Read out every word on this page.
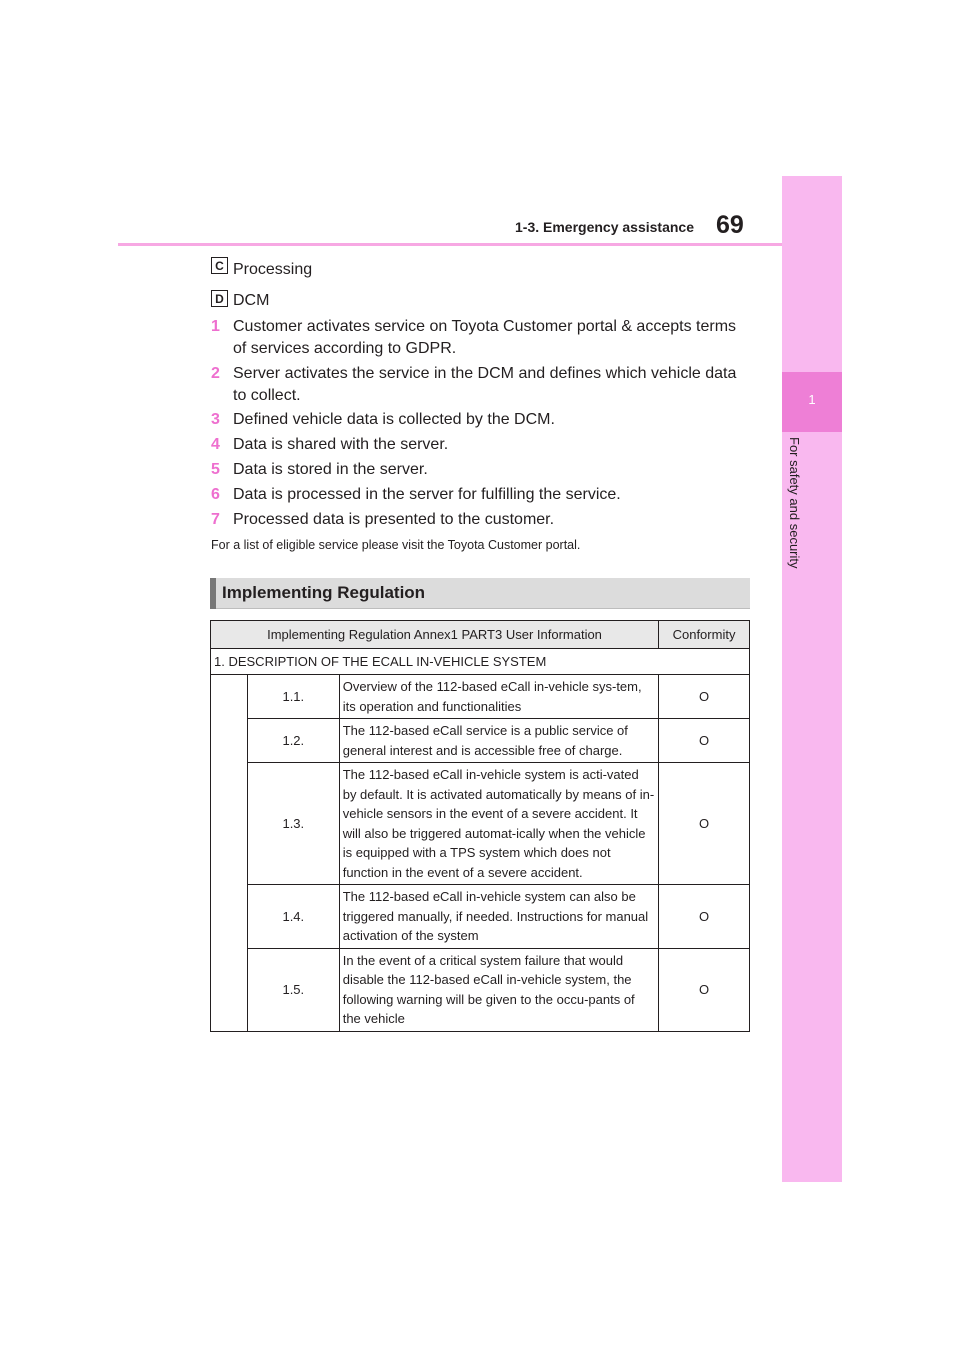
1-3. Emergency assistance 69
1
For safety and security
C Processing
D DCM
1 Customer activates service on Toyota Customer portal & accepts terms
of services according to GDPR.
2 Server activates the service in the DCM and defines which vehicle data
to collect.
3 Defined vehicle data is collected by the DCM.
4 Data is shared with the server.
5 Data is stored in the server.
6 Data is processed in the server for fulfilling the service.
7 Processed data is presented to the customer.
For a list of eligible service please visit the Toyota Customer portal.
Implementing Regulation
Implementing Regulation Annex1 PART3 User Information			Conformity
1. DESCRIPTION OF THE ECALL IN-VEHICLE SYSTEM			
	1.1.	Overview of the 112-based eCall in-vehicle sys-tem, its operation and functionalities	O
	1.2.	The 112-based eCall service is a public service of general interest and is accessible free of charge.	O
	1.3.	The 112-based eCall in-vehicle system is acti-vated by default. It is activated automatically by means of in-vehicle sensors in the event of a severe accident. It will also be triggered automat-ically when the vehicle is equipped with a TPS system which does not function in the event of a severe accident.	O
	1.4.	The 112-based eCall in-vehicle system can also be triggered manually, if needed. Instructions for manual activation of the system	O
	1.5.	In the event of a critical system failure that would disable the 112-based eCall in-vehicle system, the following warning will be given to the occu-pants of the vehicle	O
